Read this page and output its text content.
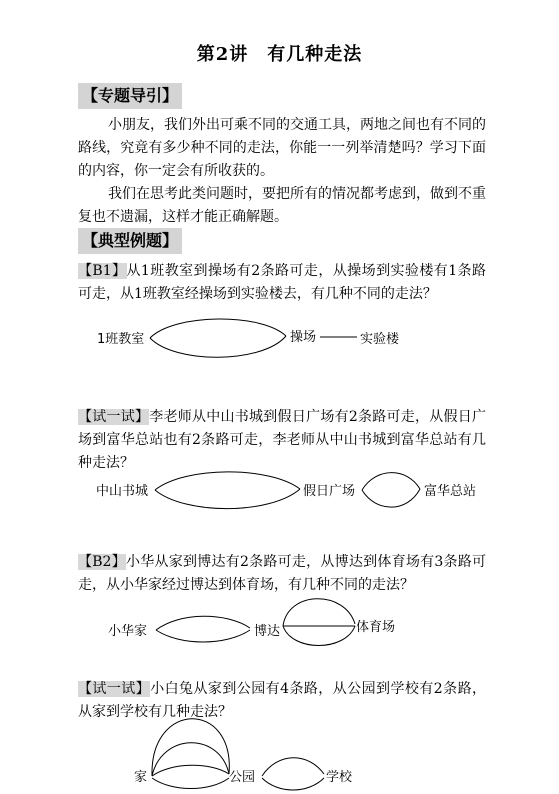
第2讲　有几种走法
【专题导引】

小朋友，我们外出可乘不同的交通工具，两地之间也有不同的路线，究竟有多少种不同的走法，你能一一列举清楚吗？学习下面的内容，你一定会有所收获的。

我们在思考此类问题时，要把所有的情况都考虑到，做到不重复也不遗漏，这样才能正确解题。

【典型例题】

【B1】从1班教室到操场有2条路可走，从操场到实验楼有1条路可走，从1班教室经操场到实验楼去，有几种不同的走法？

【试一试】李老师从中山书城到假日广场有2条路可走，从假日广场到富华总站也有2条路可走，李老师从中山书城到富华总站有几种走法？

【B2】小华从家到博达有2条路可走，从博达到体育场有3条路可走，从小华家经过博达到体育场，有几种不同的走法？

【试一试】小白兔从家到公园有4条路，从公园到学校有2条路，从家到学校有几种走法？

1班教室	操场	实验楼
中山书城	假日广场	富华总站
小华家	博达	体育场
家	公园	学校
